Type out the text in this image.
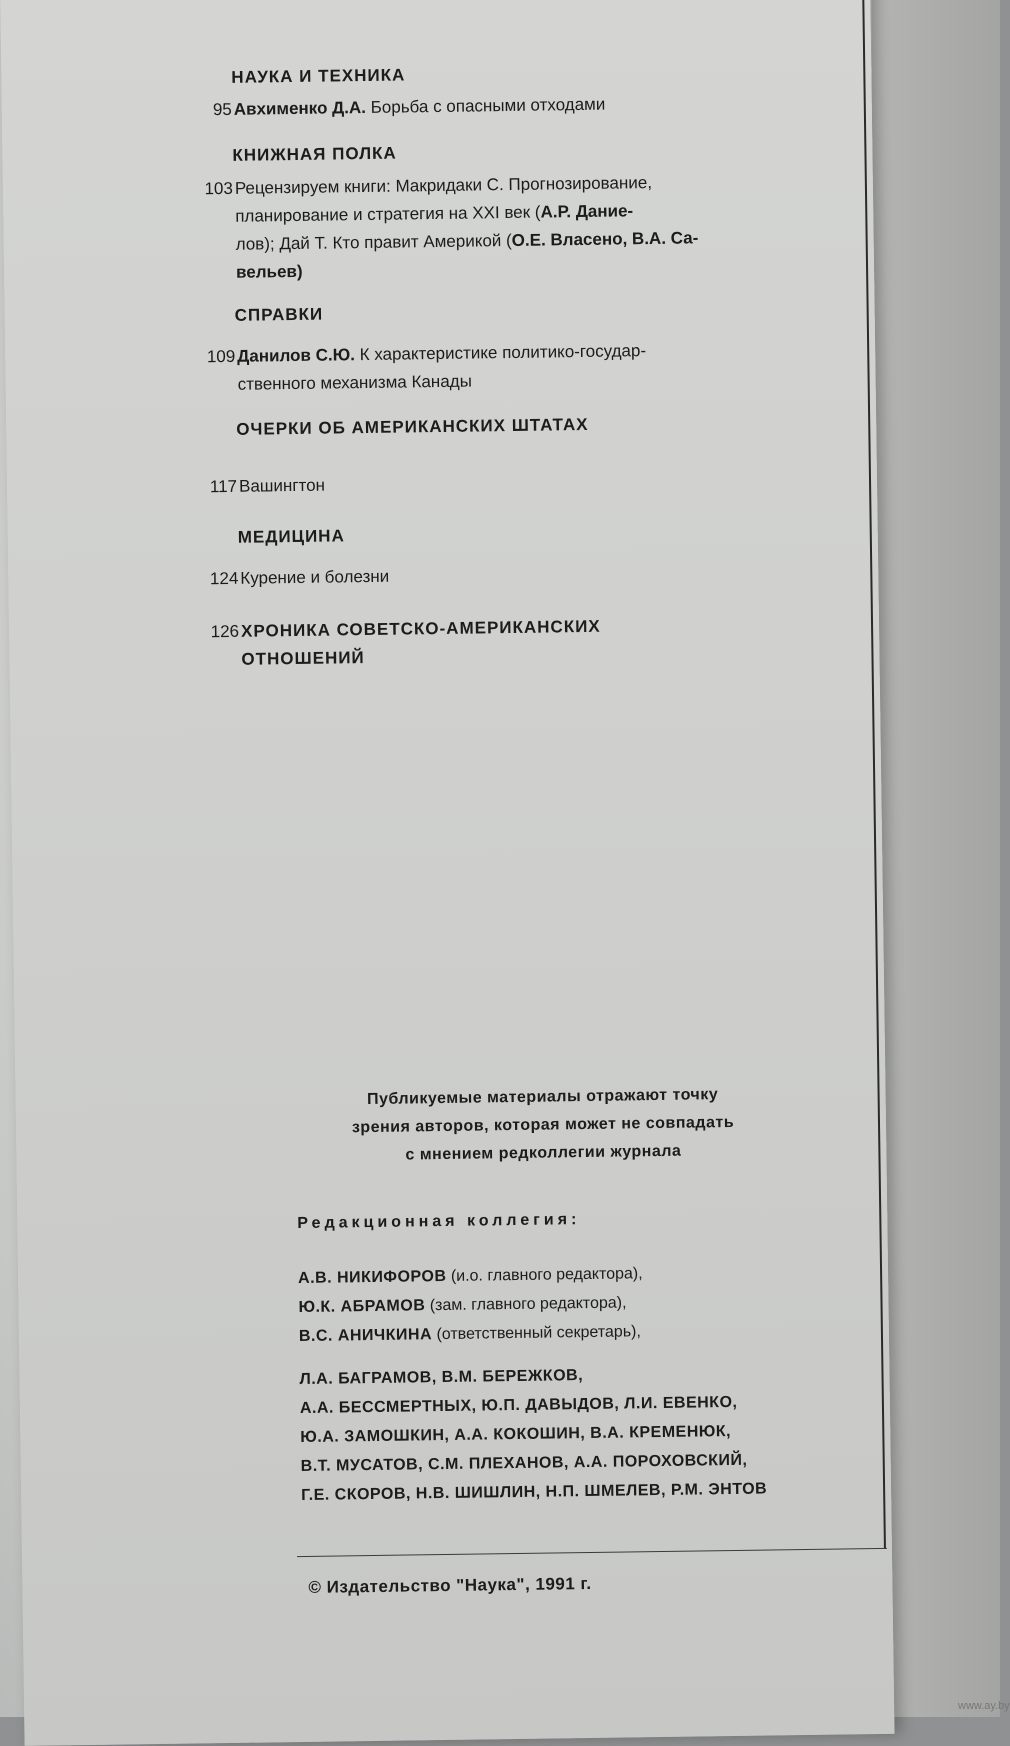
НАУКА И ТЕХНИКА
95 Авхименко Д.А. Борьба с опасными отходами
КНИЖНАЯ ПОЛКА
103 Рецензируем книги: Макридаки С. Прогнозирование,
планирование и стратегия на XXI век (А.Р. Даниe-
лов); Дай Т. Кто правит Америкой (О.Е. Власено, В.А. Са-
вельев)
СПРАВКИ
109 Данилов С.Ю. К характеристике политико-государ-
ственного механизма Канады
ОЧЕРКИ ОБ АМЕРИКАНСКИХ ШТАТАХ
117 Вашингтон
МЕДИЦИНА
124 Курение и болезни
126 ХРОНИКА СОВЕТСКО-АМЕРИКАНСКИХ
ОТНОШЕНИЙ
Публикуемые материалы отражают точку
зрения авторов, которая может не совпадать
с мнением редколлегии журнала
Редакционная коллегия:
А.В. НИКИФОРОВ (и.о. главного редактора),
Ю.К. АБРАМОВ (зам. главного редактора),
В.С. АНИЧКИНА (ответственный секретарь),
Л.А. БАГРАМОВ, В.М. БЕРЕЖКОВ,
А.А. БЕССМЕРТНЫХ, Ю.П. ДАВЫДОВ, Л.И. ЕВЕНКО,
Ю.А. ЗАМОШКИН, А.А. КОКОШИН, В.А. КРЕМЕНЮК,
В.Т. МУСАТОВ, С.М. ПЛЕХАНОВ, А.А. ПОРОХОВСКИЙ,
Г.Е. СКОРОВ, Н.В. ШИШЛИН, Н.П. ШМЕЛЕВ, Р.М. ЭНТОВ
© Издательство "Наука", 1991 г.
www.ay.by
